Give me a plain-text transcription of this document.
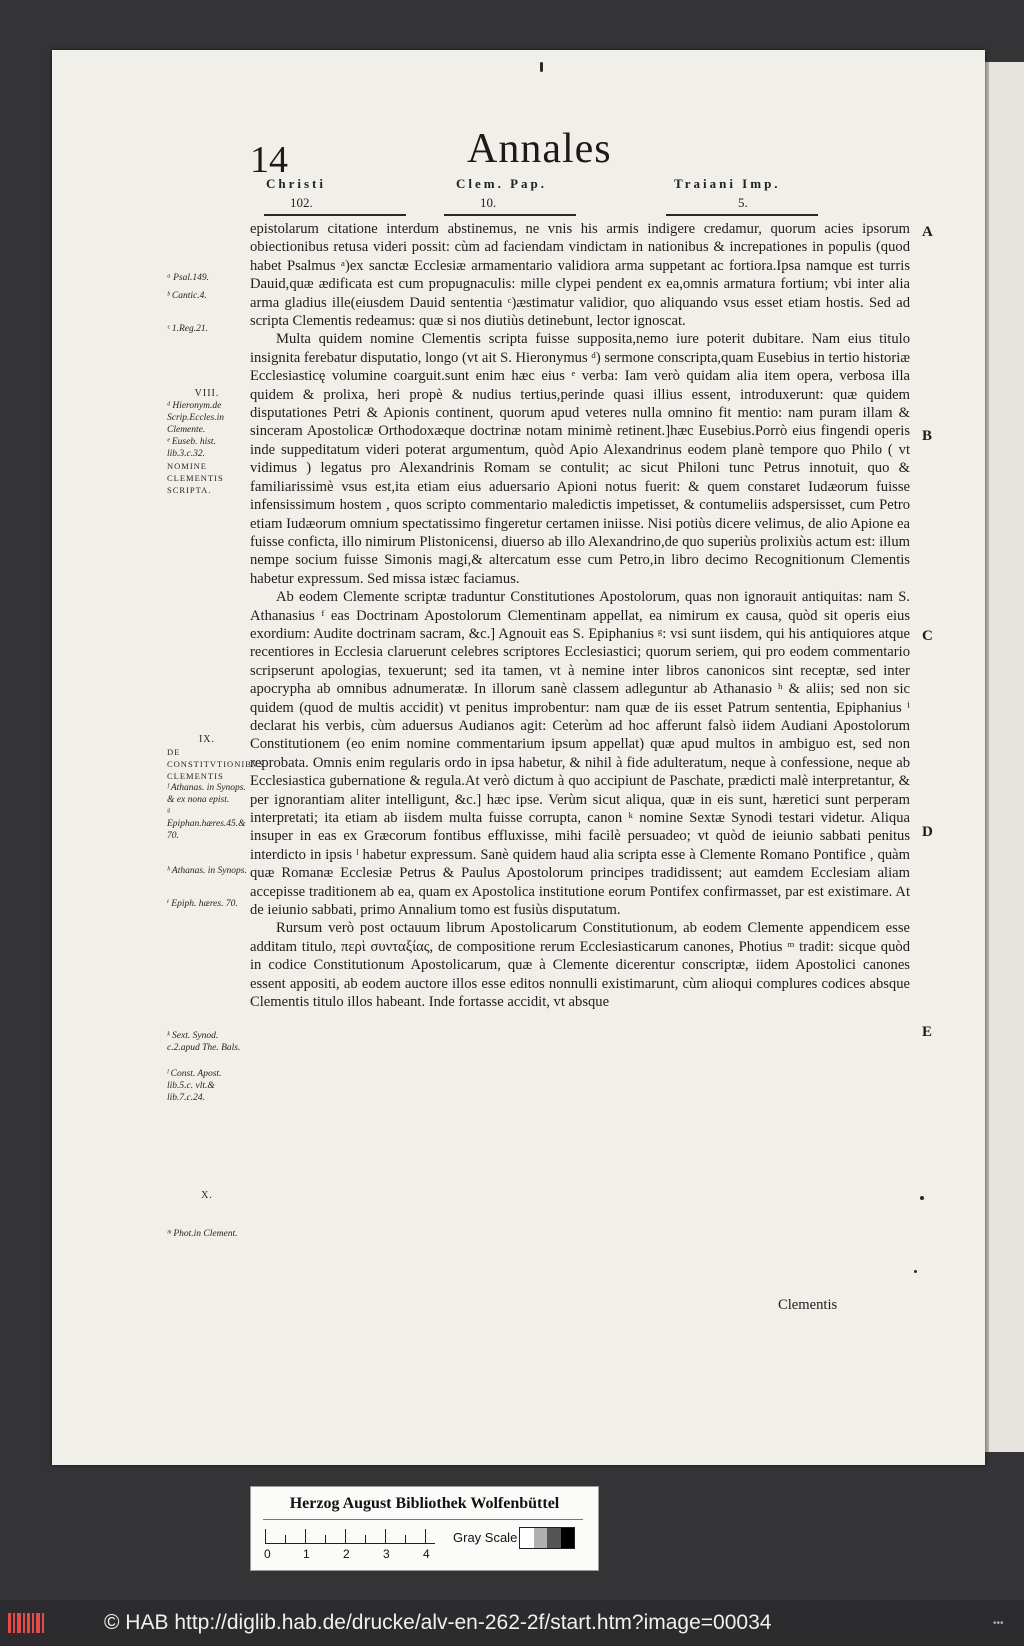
14	Annales
Christi
102.
Clem. Pap.
10.
Traiani Imp.
5.
epistolarum citatione interdum abstinemus, ne vnis his armis indigere credamur, quorum acies ipsorum obiectionibus retusa videri possit: cùm ad faciendam vindictam in nationibus & increpationes in populis (quod habet Psalmus ᵃ)ex sanctæ Ecclesiæ armamentario validiora arma suppetant ac fortiora.Ipsa namque est turris Dauid,quæ ædificata est cum propugnaculis: mille clypei pendent ex ea,omnis armatura fortium; vbi inter alia arma gladius ille(eiusdem Dauid sententia ᶜ)æstimatur validior, quo aliquando vsus esset etiam hostis. Sed ad scripta Clementis redeamus: quæ si nos diutiùs detinebunt, lector ignoscat.
Multa quidem nomine Clementis scripta fuisse supposita,nemo iure poterit dubitare. Nam eius titulo insignita ferebatur disputatio, longo (vt ait S. Hieronymus ᵈ) sermone conscripta,quam Eusebius in tertio historiæ Ecclesiasticę volumine coarguit.sunt enim hæc eius ᵉ verba: Iam verò quidam alia item opera, verbosa illa quidem & prolixa, heri propè & nudius tertius,perinde quasi illius essent, introduxerunt: quæ quidem disputationes Petri & Apionis continent, quorum apud veteres nulla omnino fit mentio: nam puram illam & sinceram Apostolicæ Orthodoxæque doctrinæ notam minimè retinent.]hæc Eusebius.Porrò eius fingendi operis inde suppeditatum videri poterat argumentum, quòd Apio Alexandrinus eodem planè tempore quo Philo ( vt vidimus ) legatus pro Alexandrinis Romam se contulit; ac sicut Philoni tunc Petrus innotuit, quo & familiarissimè vsus est,ita etiam eius aduersario Apioni notus fuerit: & quem constaret Iudæorum fuisse infensissimum hostem , quos scripto commentario maledictis impetisset, & contumeliis adspersisset, cum Petro etiam Iudæorum omnium spectatissimo fingeretur certamen iniisse. Nisi potiùs dicere velimus, de alio Apione ea fuisse conficta, illo nimirum Plistonicensi, diuerso ab illo Alexandrino,de quo superiùs prolixiùs actum est: illum nempe socium fuisse Simonis magi,& altercatum esse cum Petro,in libro decimo Recognitionum Clementis habetur expressum. Sed missa istæc faciamus.
Ab eodem Clemente scriptæ traduntur Constitutiones Apostolorum, quas non ignorauit antiquitas: nam S. Athanasius ᶠ eas Doctrinam Apostolorum Clementinam appellat, ea nimirum ex causa, quòd sit operis eius exordium: Audite doctrinam sacram, &c.] Agnouit eas S. Epiphanius ᵍ: vsi sunt iisdem, qui his antiquiores atque recentiores in Ecclesia claruerunt celebres scriptores Ecclesiastici; quorum seriem, qui pro eodem commentario scripserunt apologias, texuerunt; sed ita tamen, vt à nemine inter libros canonicos sint receptæ, sed inter apocrypha ab omnibus adnumeratæ. In illorum sanè classem adleguntur ab Athanasio ʰ & aliis; sed non sic quidem (quod de multis accidit) vt penitus improbentur: nam quæ de iis esset Patrum sententia, Epiphanius ⁱ declarat his verbis, cùm aduersus Audianos agit: Ceterùm ad hoc afferunt falsò iidem Audiani Apostolorum Constitutionem (eo enim nomine commentarium ipsum appellat) quæ apud multos in ambiguo est, sed non reprobata. Omnis enim regularis ordo in ipsa habetur, & nihil à fide adulteratum, neque à confessione, neque ab Ecclesiastica gubernatione & regula.At verò dictum à quo accipiunt de Paschate, prædicti malè interpretantur, & per ignorantiam aliter intelligunt, &c.] hæc ipse. Verùm sicut aliqua, quæ in eis sunt, hæretici sunt perperam interpretati; ita etiam ab iisdem multa fuisse corrupta, canon ᵏ nomine Sextæ Synodi testari videtur. Aliqua insuper in eas ex Græcorum fontibus effluxisse, mihi facilè persuadeo; vt quòd de ieiunio sabbati penitus interdicto in ipsis ˡ habetur expressum. Sanè quidem haud alia scripta esse à Clemente Romano Pontifice , quàm quæ Romanæ Ecclesiæ Petrus & Paulus Apostolorum principes tradidissent; aut eamdem Ecclesiam aliam accepisse traditionem ab ea, quam ex Apostolica institutione eorum Pontifex confirmasset, par est existimare. At de ieiunio sabbati, primo Annalium tomo est fusiùs disputatum.
Rursum verò post octauum librum Apostolicarum Constitutionum, ab eodem Clemente appendicem esse additam titulo, περὶ συνταξίας, de compositione rerum Ecclesiasticarum canones, Photius ᵐ tradit: sicque quòd in codice Constitutionum Apostolicarum, quæ à Clemente dicerentur conscriptæ, iidem Apostolici canones essent appositi, ab eodem auctore illos esse editos nonnulli existimarunt, cùm alioqui complures codices absque Clementis titulo illos habeant. Inde fortasse accidit, vt absque
Clementis
ᵃ Psal.149.
ᵇ Cantic.4.
ᶜ 1.Reg.21.
VIII.
ᵈ Hieronym.de Scrip.Eccles.in Clemente.
ᵉ Euseb. hist. lib.3.c.32.
NOMINE CLEMENTIS SCRIPTA.
IX.
DE CONSTITVTIONIBVS CLEMENTIS
ᶠ Athanas. in Synops. & ex nona epist.
ᵍ Epiphan.hæres.45.& 70.
ʰ Athanas. in Synops.
ⁱ Epiph. hæres. 70.
ᵏ Sext. Synod. c.2.apud The. Bals.
ˡ Const. Apost. lib.5.c. vlt.& lib.7.c.24.
X.
ᵐ Phot.in Clement.
A
B
C
D
E
Herzog August Bibliothek Wolfenbüttel
0	1	2	3	4
Gray Scale
© HAB http://diglib.hab.de/drucke/alv-en-262-2f/start.htm?image=00034	•••
